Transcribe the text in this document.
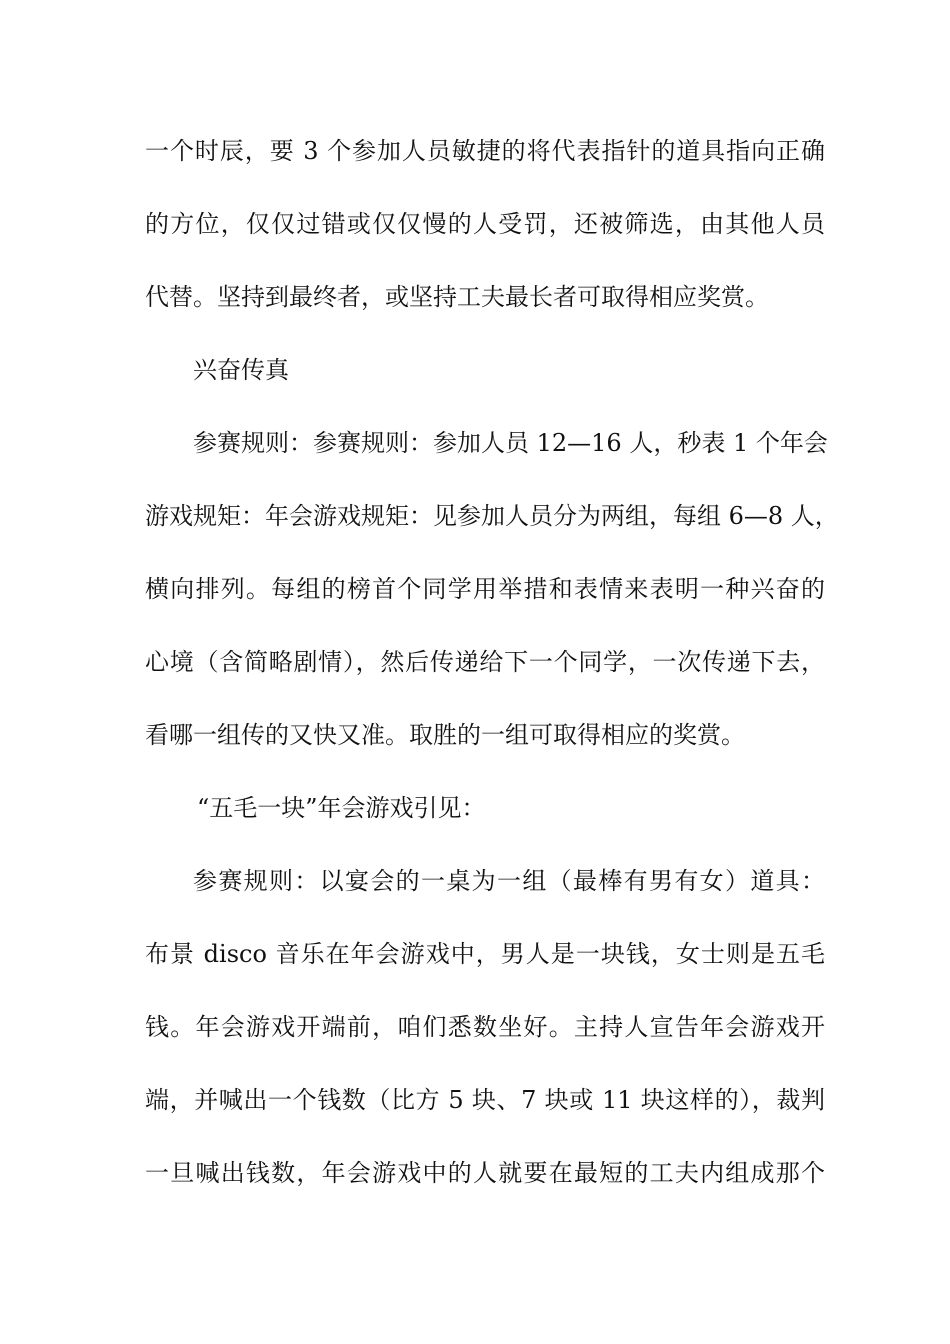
一个时辰，要 3 个参加人员敏捷的将代表指针的道具指向正确
的方位，仅仅过错或仅仅慢的人受罚，还被筛选，由其他人员
代替。坚持到最终者，或坚持工夫最长者可取得相应奖赏。
兴奋传真
参赛规则：参赛规则：参加人员 12—16 人，秒表 1 个年会
游戏规矩：年会游戏规矩：见参加人员分为两组，每组 6—8 人，
横向排列。每组的榜首个同学用举措和表情来表明一种兴奋的
心境（含简略剧情），然后传递给下一个同学，一次传递下去，
看哪一组传的又快又准。取胜的一组可取得相应的奖赏。
“五毛一块”年会游戏引见：
参赛规则：以宴会的一桌为一组（最棒有男有女）道具：
布景 disco 音乐在年会游戏中，男人是一块钱，女士则是五毛
钱。年会游戏开端前，咱们悉数坐好。主持人宣告年会游戏开
端，并喊出一个钱数（比方 5 块、7 块或 11 块这样的），裁判
一旦喊出钱数，年会游戏中的人就要在最短的工夫内组成那个
